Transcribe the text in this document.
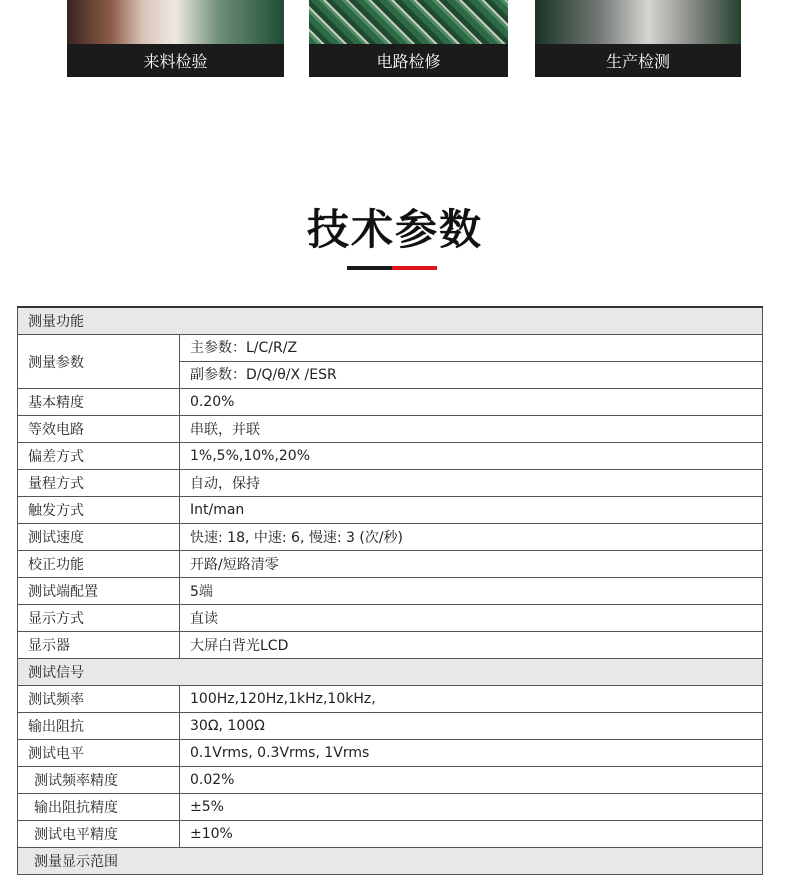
来料检验	电路检修	生产检测
技术参数
测量功能	
测量参数	主参数：L/C/R/Z
	副参数：D/Q/θ/X /ESR
基本精度	0.20%
等效电路	串联，并联
偏差方式	1%,5%,10%,20%
量程方式	自动，保持
触发方式	Int/man
测试速度	快速: 18, 中速: 6, 慢速: 3 (次/秒)
校正功能	开路/短路清零
测试端配置	5端
显示方式	直读
显示器	大屏白背光LCD
测试信号	
测试频率	100Hz,120Hz,1kHz,10kHz,
输出阻抗	30Ω, 100Ω
测试电平	0.1Vrms, 0.3Vrms, 1Vrms
测试频率精度	0.02%
输出阻抗精度	±5%
测试电平精度	±10%
测量显示范围	
